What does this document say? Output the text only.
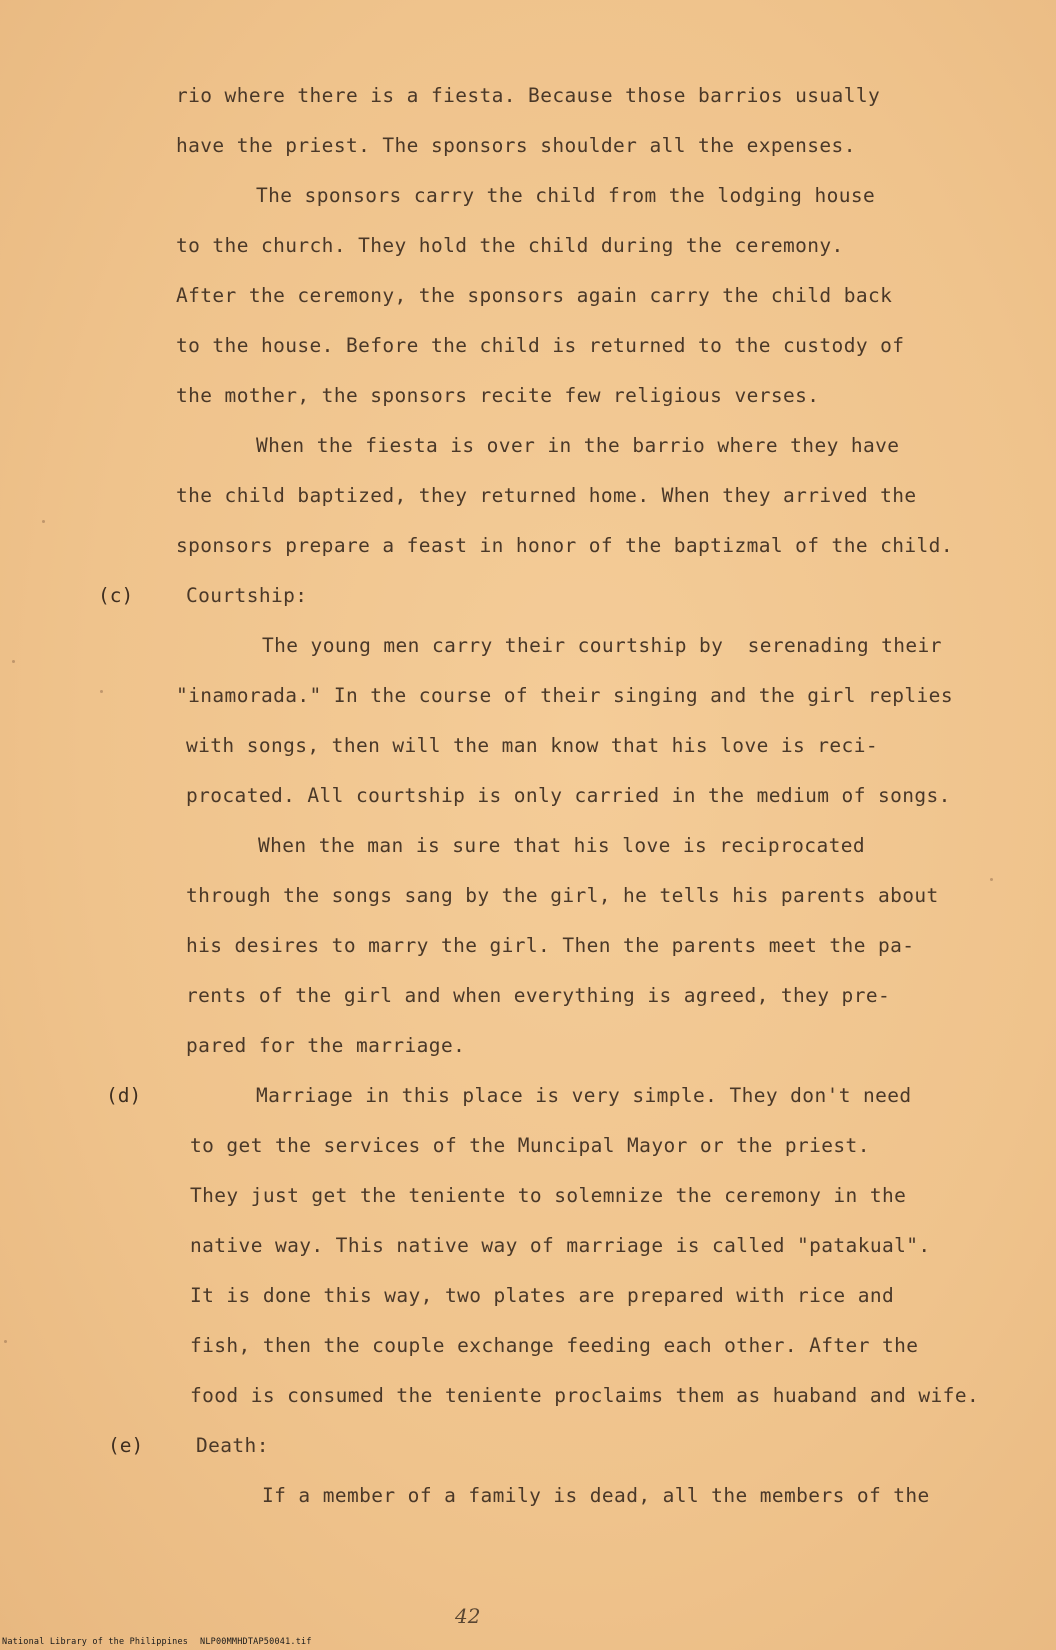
rio where there is a fiesta. Because those barrios usually
have the priest. The sponsors shoulder all the expenses.
The sponsors carry the child from the lodging house
to the church. They hold the child during the ceremony.
After the ceremony, the sponsors again carry the child back
to the house. Before the child is returned to the custody of
the mother, the sponsors recite few religious verses.
When the fiesta is over in the barrio where they have
the child baptized, they returned home. When they arrived the
sponsors prepare a feast in honor of the baptizmal of the child.
(c)	Courtship:
The young men carry their courtship by  serenading their
"inamorada." In the course of their singing and the girl replies
with songs, then will the man know that his love is reci-
procated. All courtship is only carried in the medium of songs.
When the man is sure that his love is reciprocated
through the songs sang by the girl, he tells his parents about
his desires to marry the girl. Then the parents meet the pa-
rents of the girl and when everything is agreed, they pre-
pared for the marriage.
(d)	Marriage in this place is very simple. They don't need
to get the services of the Muncipal Mayor or the priest.
They just get the teniente to solemnize the ceremony in the
native way. This native way of marriage is called "patakual".
It is done this way, two plates are prepared with rice and
fish, then the couple exchange feeding each other. After the
food is consumed the teniente proclaims them as huaband and wife.
(e)	Death:
If a member of a family is dead, all the members of the
42
National Library of the Philippines NLP00MMHDTAP50041.tif
